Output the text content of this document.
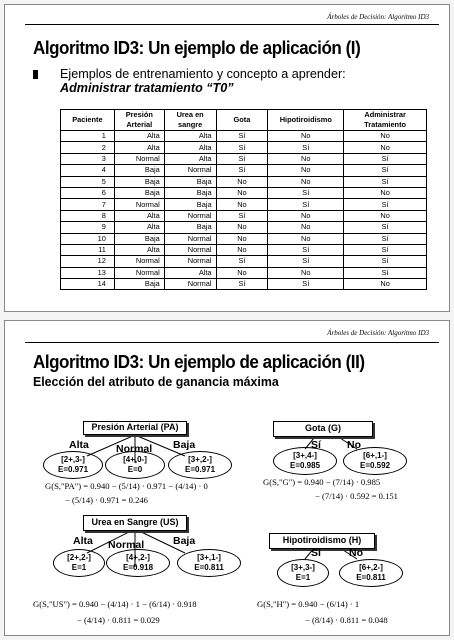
Árboles de Decisión: Algoritmo ID3
Algoritmo ID3: Un ejemplo de aplicación (I)
Ejemplos de entrenamiento y concepto a aprender:
Administrar tratamiento “T0”
Paciente	Presión Arterial	Urea en sangre	Gota	Hipotiroidismo	Administrar Tratamiento
1	Alta	Alta	Sí	No	No
2	Alta	Alta	Sí	Sí	No
3	Normal	Alta	Sí	No	Sí
4	Baja	Normal	Sí	No	Sí
5	Baja	Baja	No	No	Sí
6	Baja	Baja	No	Sí	No
7	Normal	Baja	No	Sí	Sí
8	Alta	Normal	Sí	No	No
9	Alta	Baja	No	No	Sí
10	Baja	Normal	No	No	Sí
11	Alta	Normal	No	Sí	Sí
12	Normal	Normal	Sí	Sí	Sí
13	Normal	Alta	No	No	Sí
14	Baja	Normal	Sí	Sí	No
Árboles de Decisión: Algoritmo ID3
Algoritmo ID3: Un ejemplo de aplicación (II)
Elección del atributo de ganancia máxima
Presión Arterial (PA)
Alta	Normal Baja
[2+,3-]
E=0.971
[4+,0-]
E=0
[3+,2-]
E=0.971
G(S,"PA") = 0.940 − (5/14) · 0.971 − (4/14) · 0
− (5/14) · 0.971 = 0.246
Gota (G)
Sí No
[3+,4-]
E=0.985
[6+,1-]
E=0.592
G(S,"G") = 0.940 − (7/14) · 0.985
− (7/14) · 0.592 = 0.151
Urea en Sangre (US)
Alta Normal	Baja
[2+,2-]
E=1
[4+,2-]
E=0.918
[3+,1-]
E=0.811
G(S,"US") = 0.940 − (4/14) · 1 − (6/14) · 0.918
− (4/14) · 0.811 = 0.029
Hipotiroidismo (H)
Sí	No
[3+,3-]
E=1
[6+,2-]
E=0.811
G(S,"H") = 0.940 − (6/14) · 1
− (8/14) · 0.811 = 0.048
